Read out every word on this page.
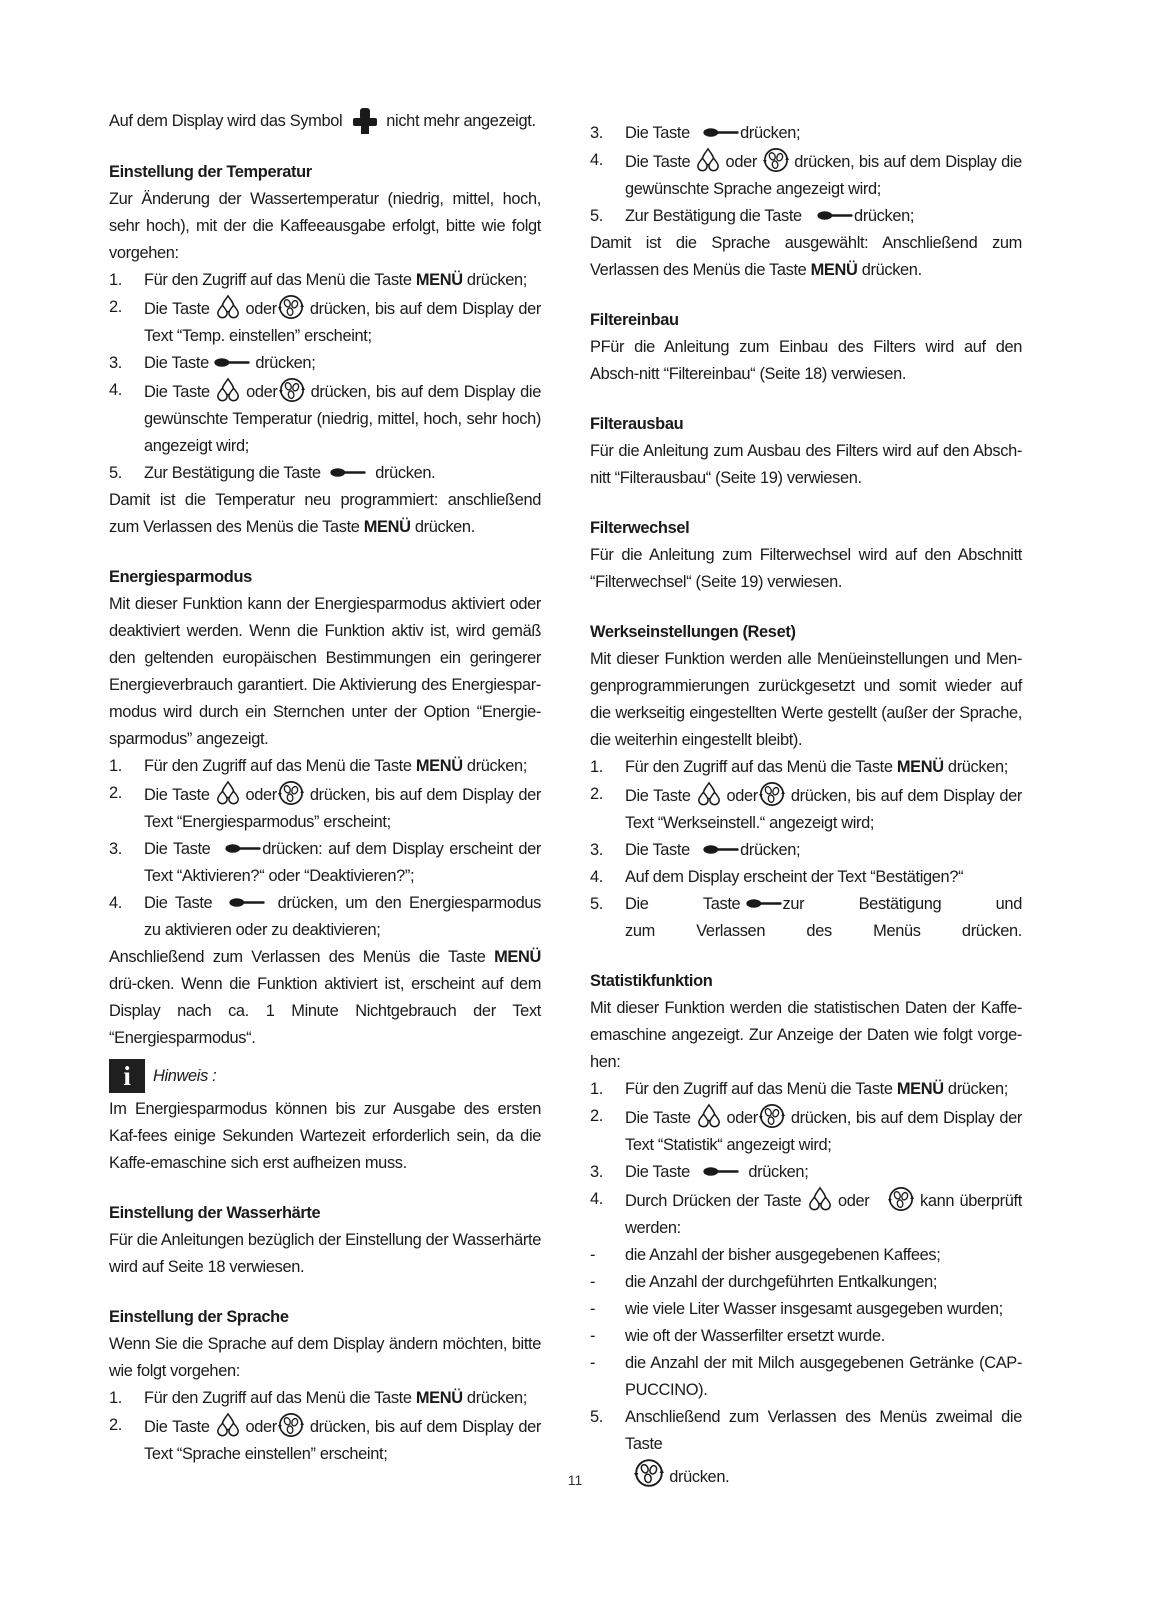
Auf dem Display wird das Symbol	nicht mehr angezeigt.
Einstellung der Temperatur

Zur Änderung der Wassertemperatur (niedrig, mittel, hoch, sehr hoch), mit der die Kaffeeausgabe erfolgt, bitte wie folgt vorgehen:

1.	Für den Zugriff auf das Menü die Taste MENÜ drücken;
2.	Die Taste oder drücken, bis auf dem Display der Text “Temp. einstellen” erscheint;
3.	Die Taste	drücken;
4.	Die Taste oder drücken, bis auf dem Display die gewünschte Temperatur (niedrig, mittel, hoch, sehr hoch) angezeigt wird;
5.	Zur Bestätigung die Taste	drücken.

Damit ist die Temperatur neu programmiert: anschließend zum Verlassen des Menüs die Taste MENÜ drücken.

Energiesparmodus

Mit dieser Funktion kann der Energiesparmodus aktiviert oder deaktiviert werden. Wenn die Funktion aktiv ist, wird gemäß den geltenden europäischen Bestimmungen ein geringerer Energieverbrauch garantiert. Die Aktivierung des Energiespar-modus wird durch ein Sternchen unter der Option “Energie-sparmodus” angezeigt.

1.	Für den Zugriff auf das Menü die Taste MENÜ drücken;
2.	Die Taste oder drücken, bis auf dem Display der Text “Energiesparmodus” erscheint;
3.	Die Taste	drücken: auf dem Display erscheint der Text “Aktivieren?“ oder “Deaktivieren?”;
4.	Die Taste	drücken, um den Energiesparmodus zu aktivieren oder zu deaktivieren;

Anschließend zum Verlassen des Menüs die Taste MENÜ drü-cken. Wenn die Funktion aktiviert ist, erscheint auf dem Display nach ca. 1 Minute Nichtgebrauch der Text “Energiesparmodus“.

i	Hinweis :

Im Energiesparmodus können bis zur Ausgabe des ersten Kaf-fees einige Sekunden Wartezeit erforderlich sein, da die Kaffe-emaschine sich erst aufheizen muss.

Einstellung der Wasserhärte

Für die Anleitungen bezüglich der Einstellung der Wasserhärte wird auf Seite 18 verwiesen.

Einstellung der Sprache

Wenn Sie die Sprache auf dem Display ändern möchten, bitte wie folgt vorgehen:

1.	Für den Zugriff auf das Menü die Taste MENÜ drücken;
2.	Die Taste oder drücken, bis auf dem Display der Text “Sprache einstellen” erscheint;
3.	Die Taste	drücken;
4.	Die Taste oder drücken, bis auf dem Display die gewünschte Sprache angezeigt wird;
5.	Zur Bestätigung die Taste	drücken;

Damit ist die Sprache ausgewählt: Anschließend zum Verlassen des Menüs die Taste MENÜ drücken.

Filtereinbau

PFür die Anleitung zum Einbau des Filters wird auf den Absch-nitt “Filtereinbau“ (Seite 18) verwiesen.

Filterausbau

Für die Anleitung zum Ausbau des Filters wird auf den Absch-nitt “Filterausbau“ (Seite 19) verwiesen.

Filterwechsel

Für die Anleitung zum Filterwechsel wird auf den Abschnitt “Filterwechsel“ (Seite 19) verwiesen.

Werkseinstellungen (Reset)

Mit dieser Funktion werden alle Menüeinstellungen und Men-genprogrammierungen zurückgesetzt und somit wieder auf die werkseitig eingestellten Werte gestellt (außer der Sprache, die weiterhin eingestellt bleibt).

1.	Für den Zugriff auf das Menü die Taste MENÜ drücken;
2.	Die Taste oder drücken, bis auf dem Display der Text “Werkseinstell.“ angezeigt wird;
3.	Die Taste	drücken;
4.	Auf dem Display erscheint der Text “Bestätigen?“
5.	Die	Taste	zur	Bestätigung	und
zum	Verlassen	des	Menüs	drücken.
Statistikfunktion

Mit dieser Funktion werden die statistischen Daten der Kaffe-emaschine angezeigt. Zur Anzeige der Daten wie folgt vorge-hen:

1.	Für den Zugriff auf das Menü die Taste MENÜ drücken;
2.	Die Taste oder drücken, bis auf dem Display der Text “Statistik“ angezeigt wird;
3.	Die Taste	drücken;
4.	Durch Drücken der Taste oder	kann überprüft werden:
-	die Anzahl der bisher ausgegebenen Kaffees;
-	die Anzahl der durchgeführten Entkalkungen;
-	wie viele Liter Wasser insgesamt ausgegeben wurden;
-	wie oft der Wasserfilter ersetzt wurde.
-	die Anzahl der mit Milch ausgegebenen Getränke (CAP-PUCCINO).
5.	Anschließend zum Verlassen des Menüs zweimal die Taste

drücken.
11
